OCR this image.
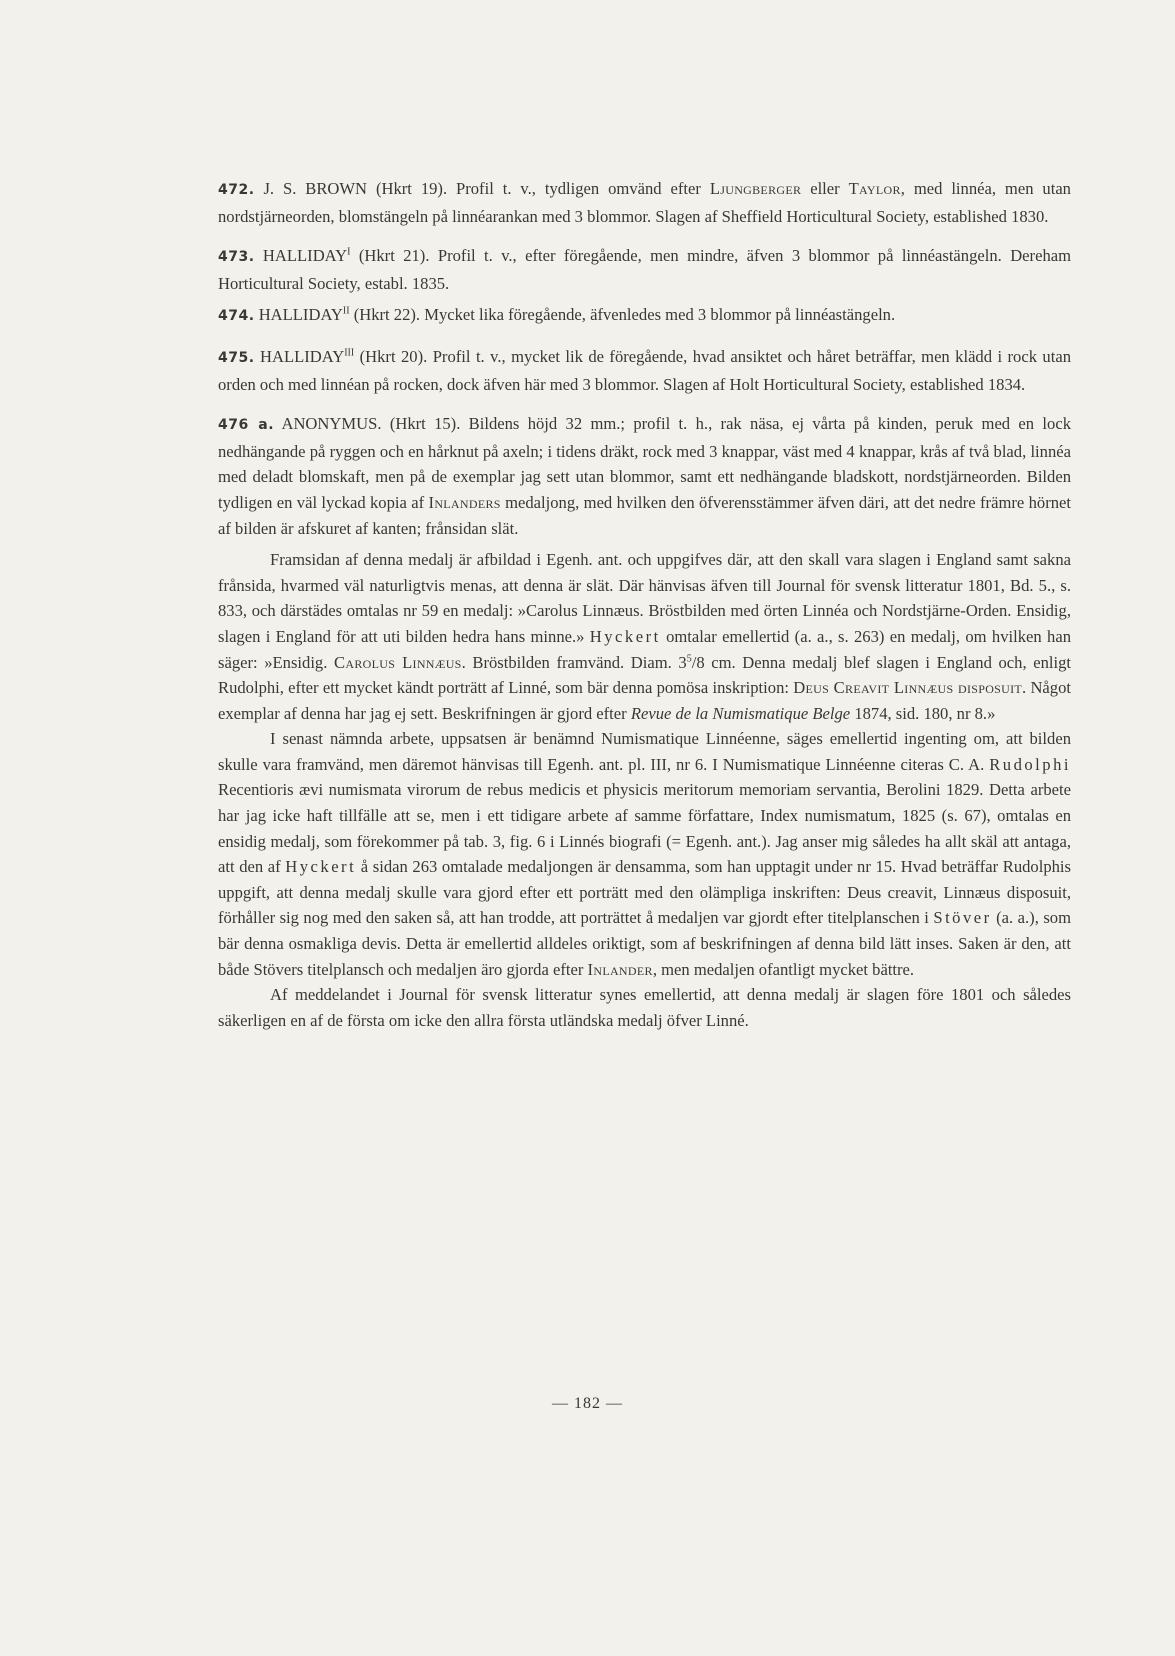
472. J. S. BROWN (Hkrt 19). Profil t. v., tydligen omvänd efter Ljungberger eller Taylor, med linnéa, men utan nordstjärneorden, blomstängeln på linnéarankan med 3 blommor. Slagen af Sheffield Horticultural Society, established 1830.

473. $HALLIDAY^I$ (Hkrt 21). Profil t. v., efter föregående, men mindre, äfven 3 blommor på linnéastängeln. Dereham Horticultural Society, establ. 1835.

474. $HALLIDAY^{II}$ (Hkrt 22). Mycket lika föregående, äfvenledes med 3 blommor på linnéastängeln.

475. $HALLIDAY^{III}$ (Hkrt 20). Profil t. v., mycket lik de föregående, hvad ansiktet och håret beträffar, men klädd i rock utan orden och med linnéan på rocken, dock äfven här med 3 blommor. Slagen af Holt Horticultural Society, established 1834.

476 a. ANONYMUS. (Hkrt 15). Bildens höjd 32 mm.; profil t. h., rak näsa, ej vårta på kinden, peruk med en lock nedhängande på ryggen och en hårknut på axeln; i tidens dräkt, rock med 3 knappar, väst med 4 knappar, krås af två blad, linnéa med deladt blomskaft, men på de exemplar jag sett utan blommor, samt ett nedhängande bladskott, nordstjärneorden. Bilden tydligen en väl lyckad kopia af Inlanders medaljong, med hvilken den öfverensstämmer äfven däri, att det nedre främre hörnet af bilden är afskuret af kanten; frånsidan slät.

Framsidan af denna medalj är afbildad i Egenh. ant. och uppgifves där, att den skall vara slagen i England samt sakna frånsida, hvarmed väl naturligtvis menas, att denna är slät. Där hänvisas äfven till Journal för svensk litteratur 1801, Bd. 5., s. 833, och därstädes omtalas nr 59 en medalj: »Carolus Linnæus. Bröstbilden med örten Linnéa och Nordstjärne-Orden. Ensidig, slagen i England för att uti bilden hedra hans minne.» Hyckert omtalar emellertid (a. a., s. 263) en medalj, om hvilken han säger: »Ensidig. Carolus Linnæus. Bröstbilden framvänd. Diam. $3^5/8$ cm. Denna medalj blef slagen i England och, enligt Rudolphi, efter ett mycket kändt porträtt af Linné, som bär denna pomösa inskription: Deus Creavit Linnæus disposuit. Något exemplar af denna har jag ej sett. Beskrifningen är gjord efter Revue de la Numismatique Belge 1874, sid. 180, nr 8.»

I senast nämnda arbete, uppsatsen är benämnd Numismatique Linnéenne, säges emellertid ingenting om, att bilden skulle vara framvänd, men däremot hänvisas till Egenh. ant. pl. III, nr 6. I Numismatique Linnéenne citeras C. A. Rudolphi Recentioris ævi numismata virorum de rebus medicis et physicis meritorum memoriam servantia, Berolini 1829. Detta arbete har jag icke haft tillfälle att se, men i ett tidigare arbete af samme författare, Index numismatum, 1825 (s. 67), omtalas en ensidig medalj, som förekommer på tab. 3, fig. 6 i Linnés biografi (= Egenh. ant.). Jag anser mig således ha allt skäl att antaga, att den af Hyckert å sidan 263 omtalade medaljongen är densamma, som han upptagit under nr 15. Hvad beträffar Rudolphis uppgift, att denna medalj skulle vara gjord efter ett porträtt med den olämpliga inskriften: Deus creavit, Linnæus disposuit, förhåller sig nog med den saken så, att han trodde, att porträttet å medaljen var gjordt efter titelplanschen i Stöver (a. a.), som bär denna osmakliga devis. Detta är emellertid alldeles oriktigt, som af beskrifningen af denna bild lätt inses. Saken är den, att både Stövers titelplansch och medaljen äro gjorda efter Inlander, men medaljen ofantligt mycket bättre.

Af meddelandet i Journal för svensk litteratur synes emellertid, att denna medalj är slagen före 1801 och således säkerligen en af de första om icke den allra första utländska medalj öfver Linné.

— 182 —
